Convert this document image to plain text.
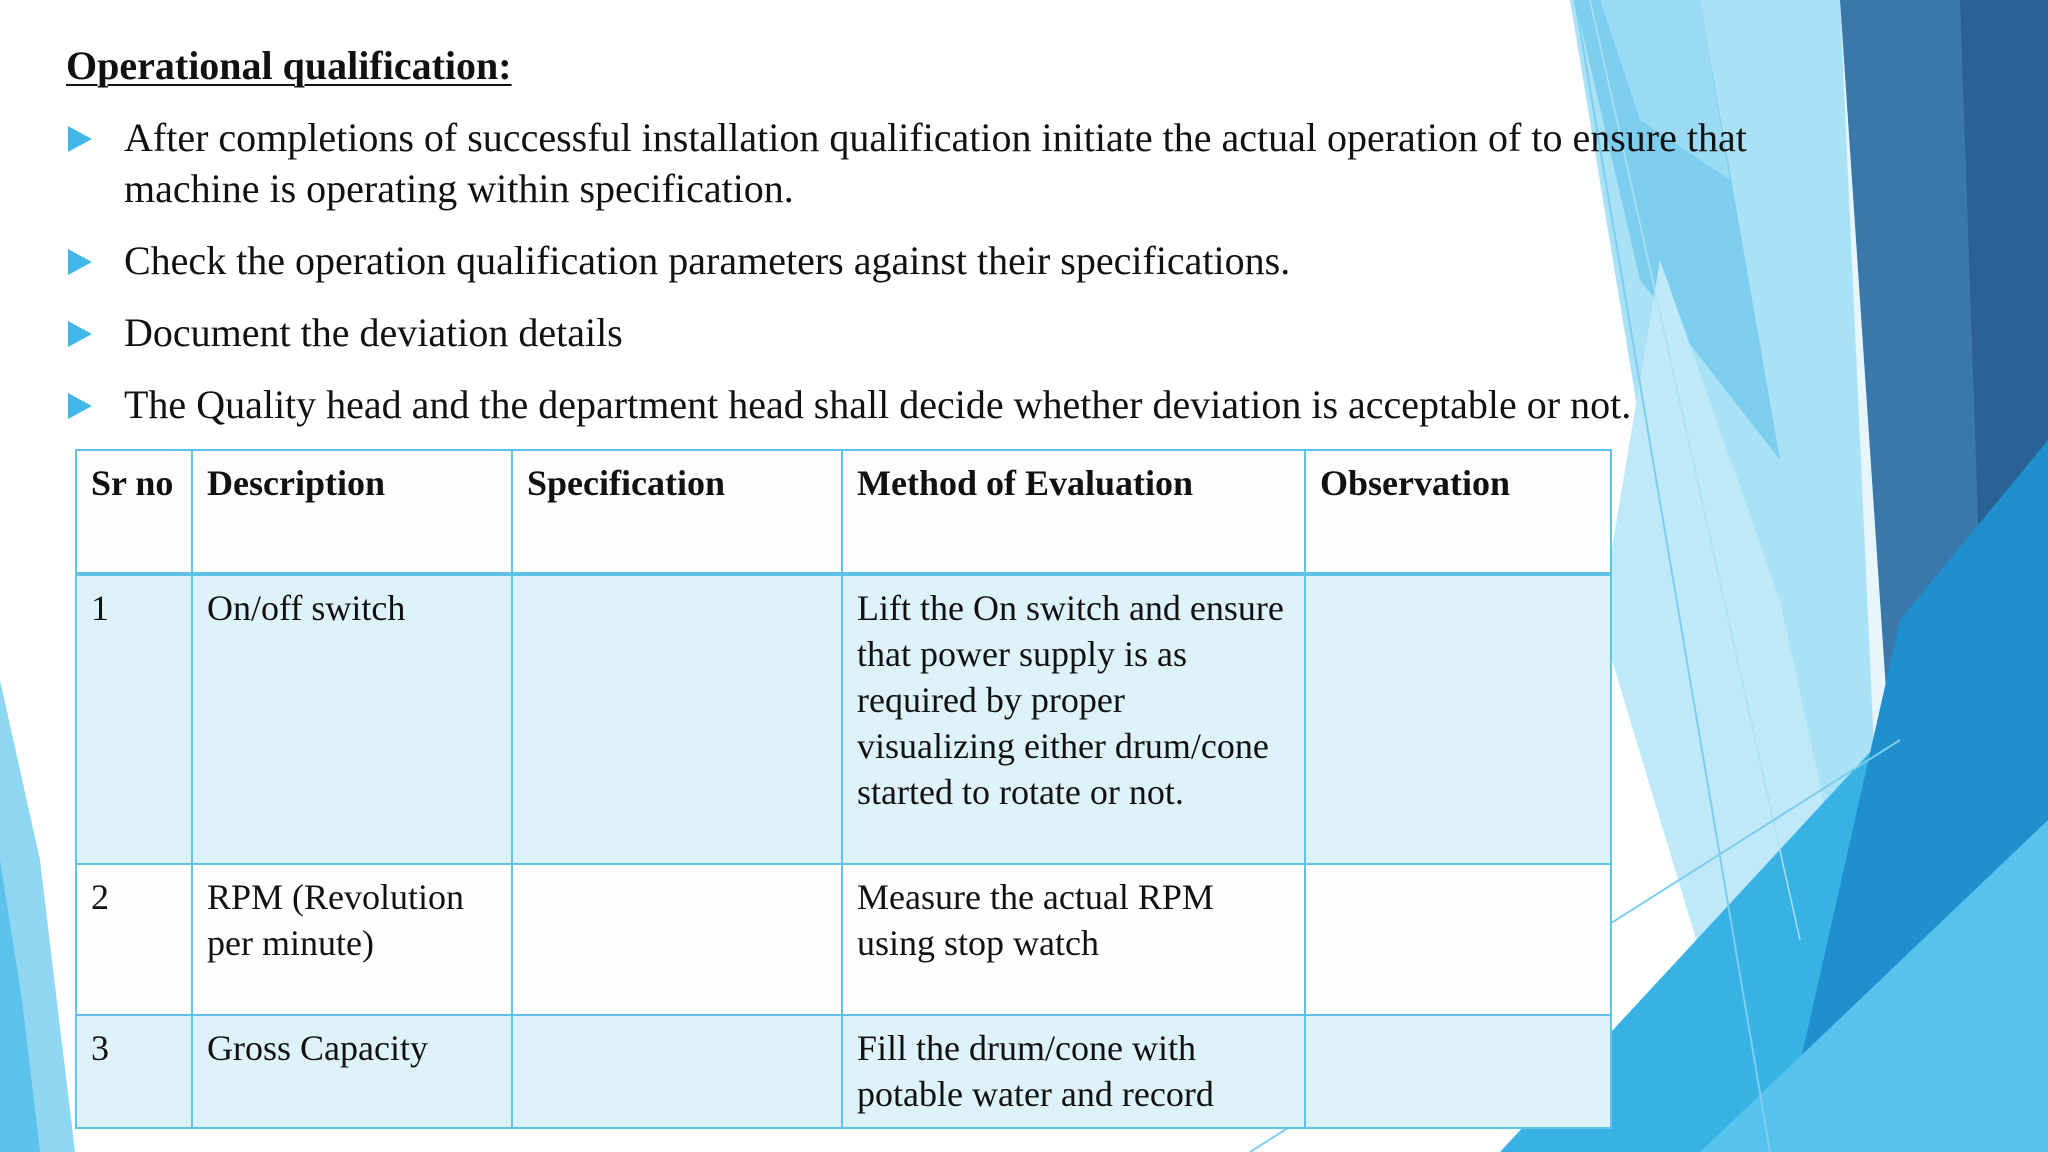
Operational qualification:
After completions of successful installation qualification initiate the actual operation of to ensure that machine is operating within specification.
Check the operation qualification parameters against their specifications.
Document the deviation details
The Quality head and the department head shall decide whether deviation is acceptable or not.
Sr no	Description	Specification	Method of Evaluation	Observation
1	On/off switch		Lift the On switch and ensure that power supply is as required by proper visualizing either drum/cone started to rotate or not.	
2	RPM (Revolution per minute)		Measure the actual RPM using stop watch	
3	Gross Capacity		Fill the drum/cone with potable water and record	
